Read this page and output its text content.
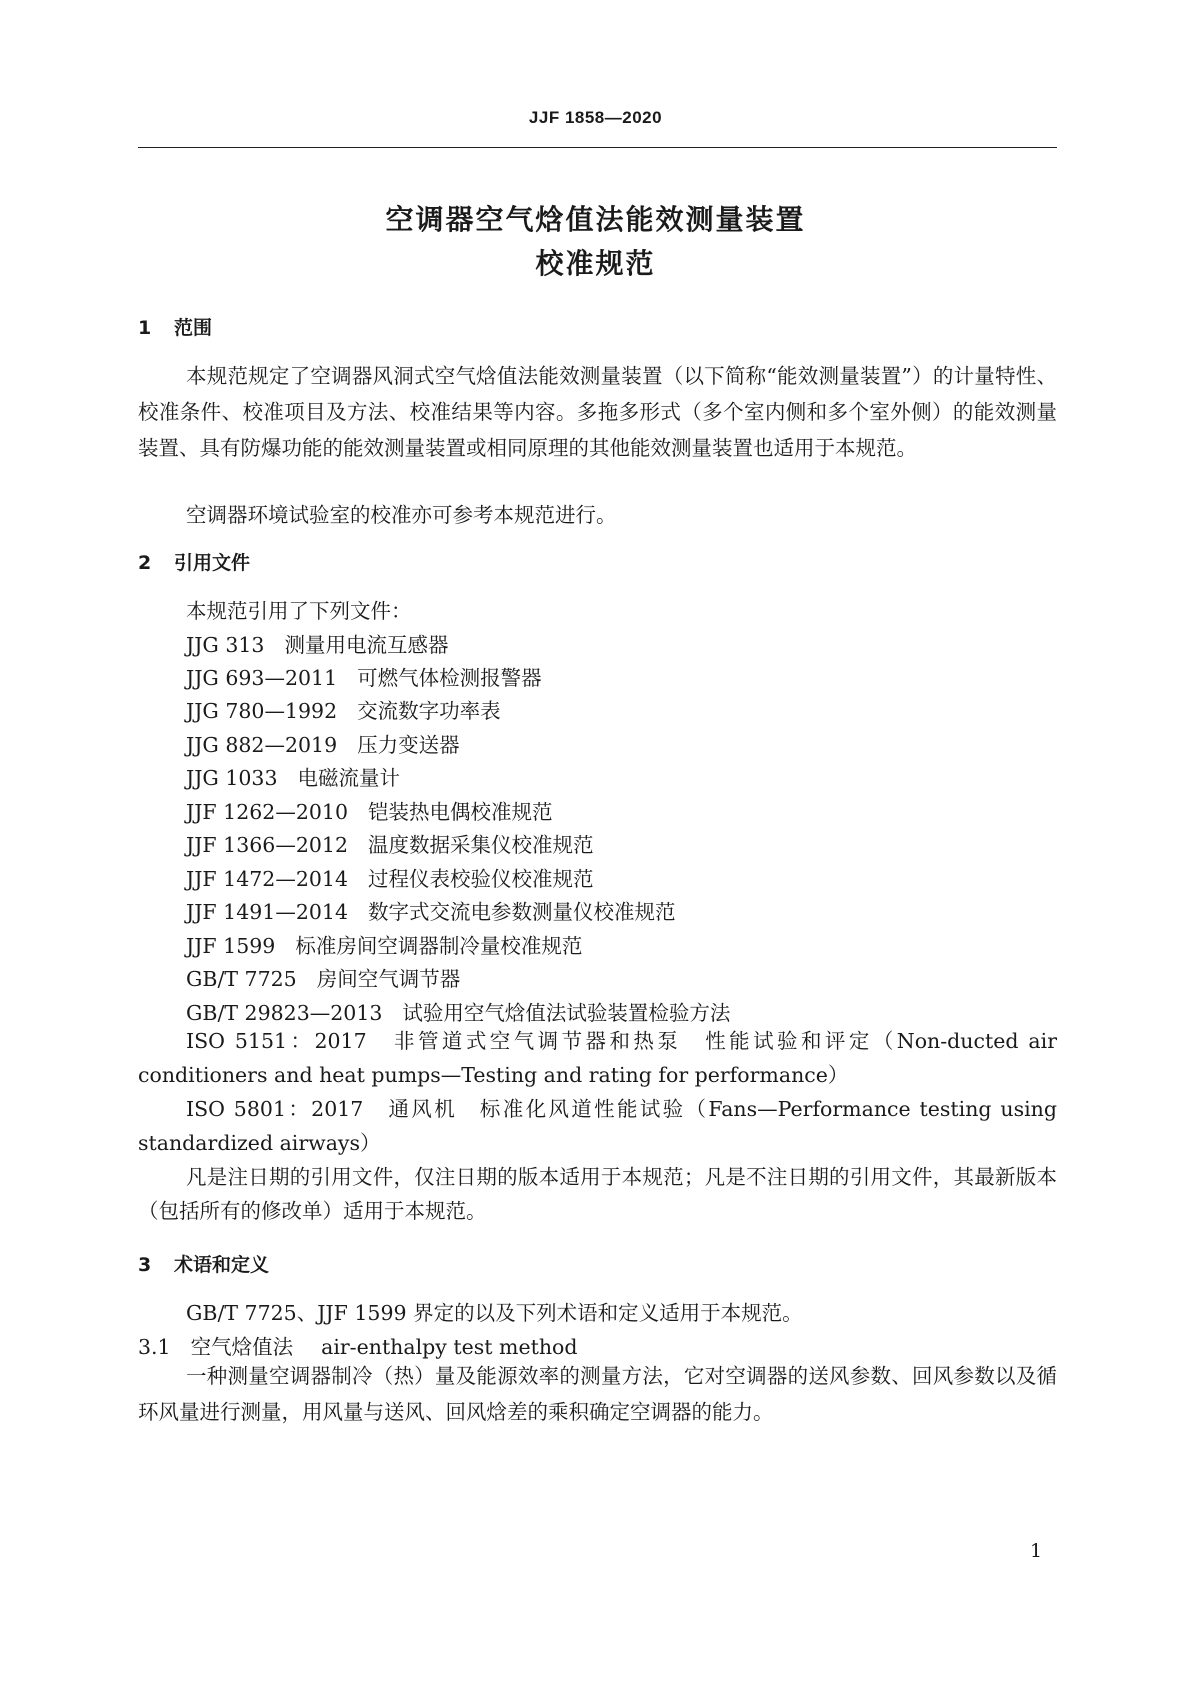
JJF 1858—2020
空调器空气焓值法能效测量装置
校准规范
1 范围
本规范规定了空调器风洞式空气焓值法能效测量装置（以下简称“能效测量装置”）的计量特性、校准条件、校准项目及方法、校准结果等内容。多拖多形式（多个室内侧和多个室外侧）的能效测量装置、具有防爆功能的能效测量装置或相同原理的其他能效测量装置也适用于本规范。
空调器环境试验室的校准亦可参考本规范进行。
2 引用文件
本规范引用了下列文件：
JJG 313 测量用电流互感器
JJG 693—2011 可燃气体检测报警器
JJG 780—1992 交流数字功率表
JJG 882—2019 压力变送器
JJG 1033 电磁流量计
JJF 1262—2010 铠装热电偶校准规范
JJF 1366—2012 温度数据采集仪校准规范
JJF 1472—2014 过程仪表校验仪校准规范
JJF 1491—2014 数字式交流电参数测量仪校准规范
JJF 1599 标准房间空调器制冷量校准规范
GB/T 7725 房间空气调节器
GB/T 29823—2013 试验用空气焓值法试验装置检验方法
ISO 5151：2017　非管道式空气调节器和热泵　性能试验和评定（Non-ducted air conditioners and heat pumps—Testing and rating for performance）
ISO 5801：2017　通风机　标准化风道性能试验（Fans—Performance testing using standardized airways）
凡是注日期的引用文件，仅注日期的版本适用于本规范；凡是不注日期的引用文件，其最新版本（包括所有的修改单）适用于本规范。
3 术语和定义
GB/T 7725、JJF 1599 界定的以及下列术语和定义适用于本规范。
3.1 空气焓值法 air-enthalpy test method
一种测量空调器制冷（热）量及能源效率的测量方法，它对空调器的送风参数、回风参数以及循环风量进行测量，用风量与送风、回风焓差的乘积确定空调器的能力。
1
